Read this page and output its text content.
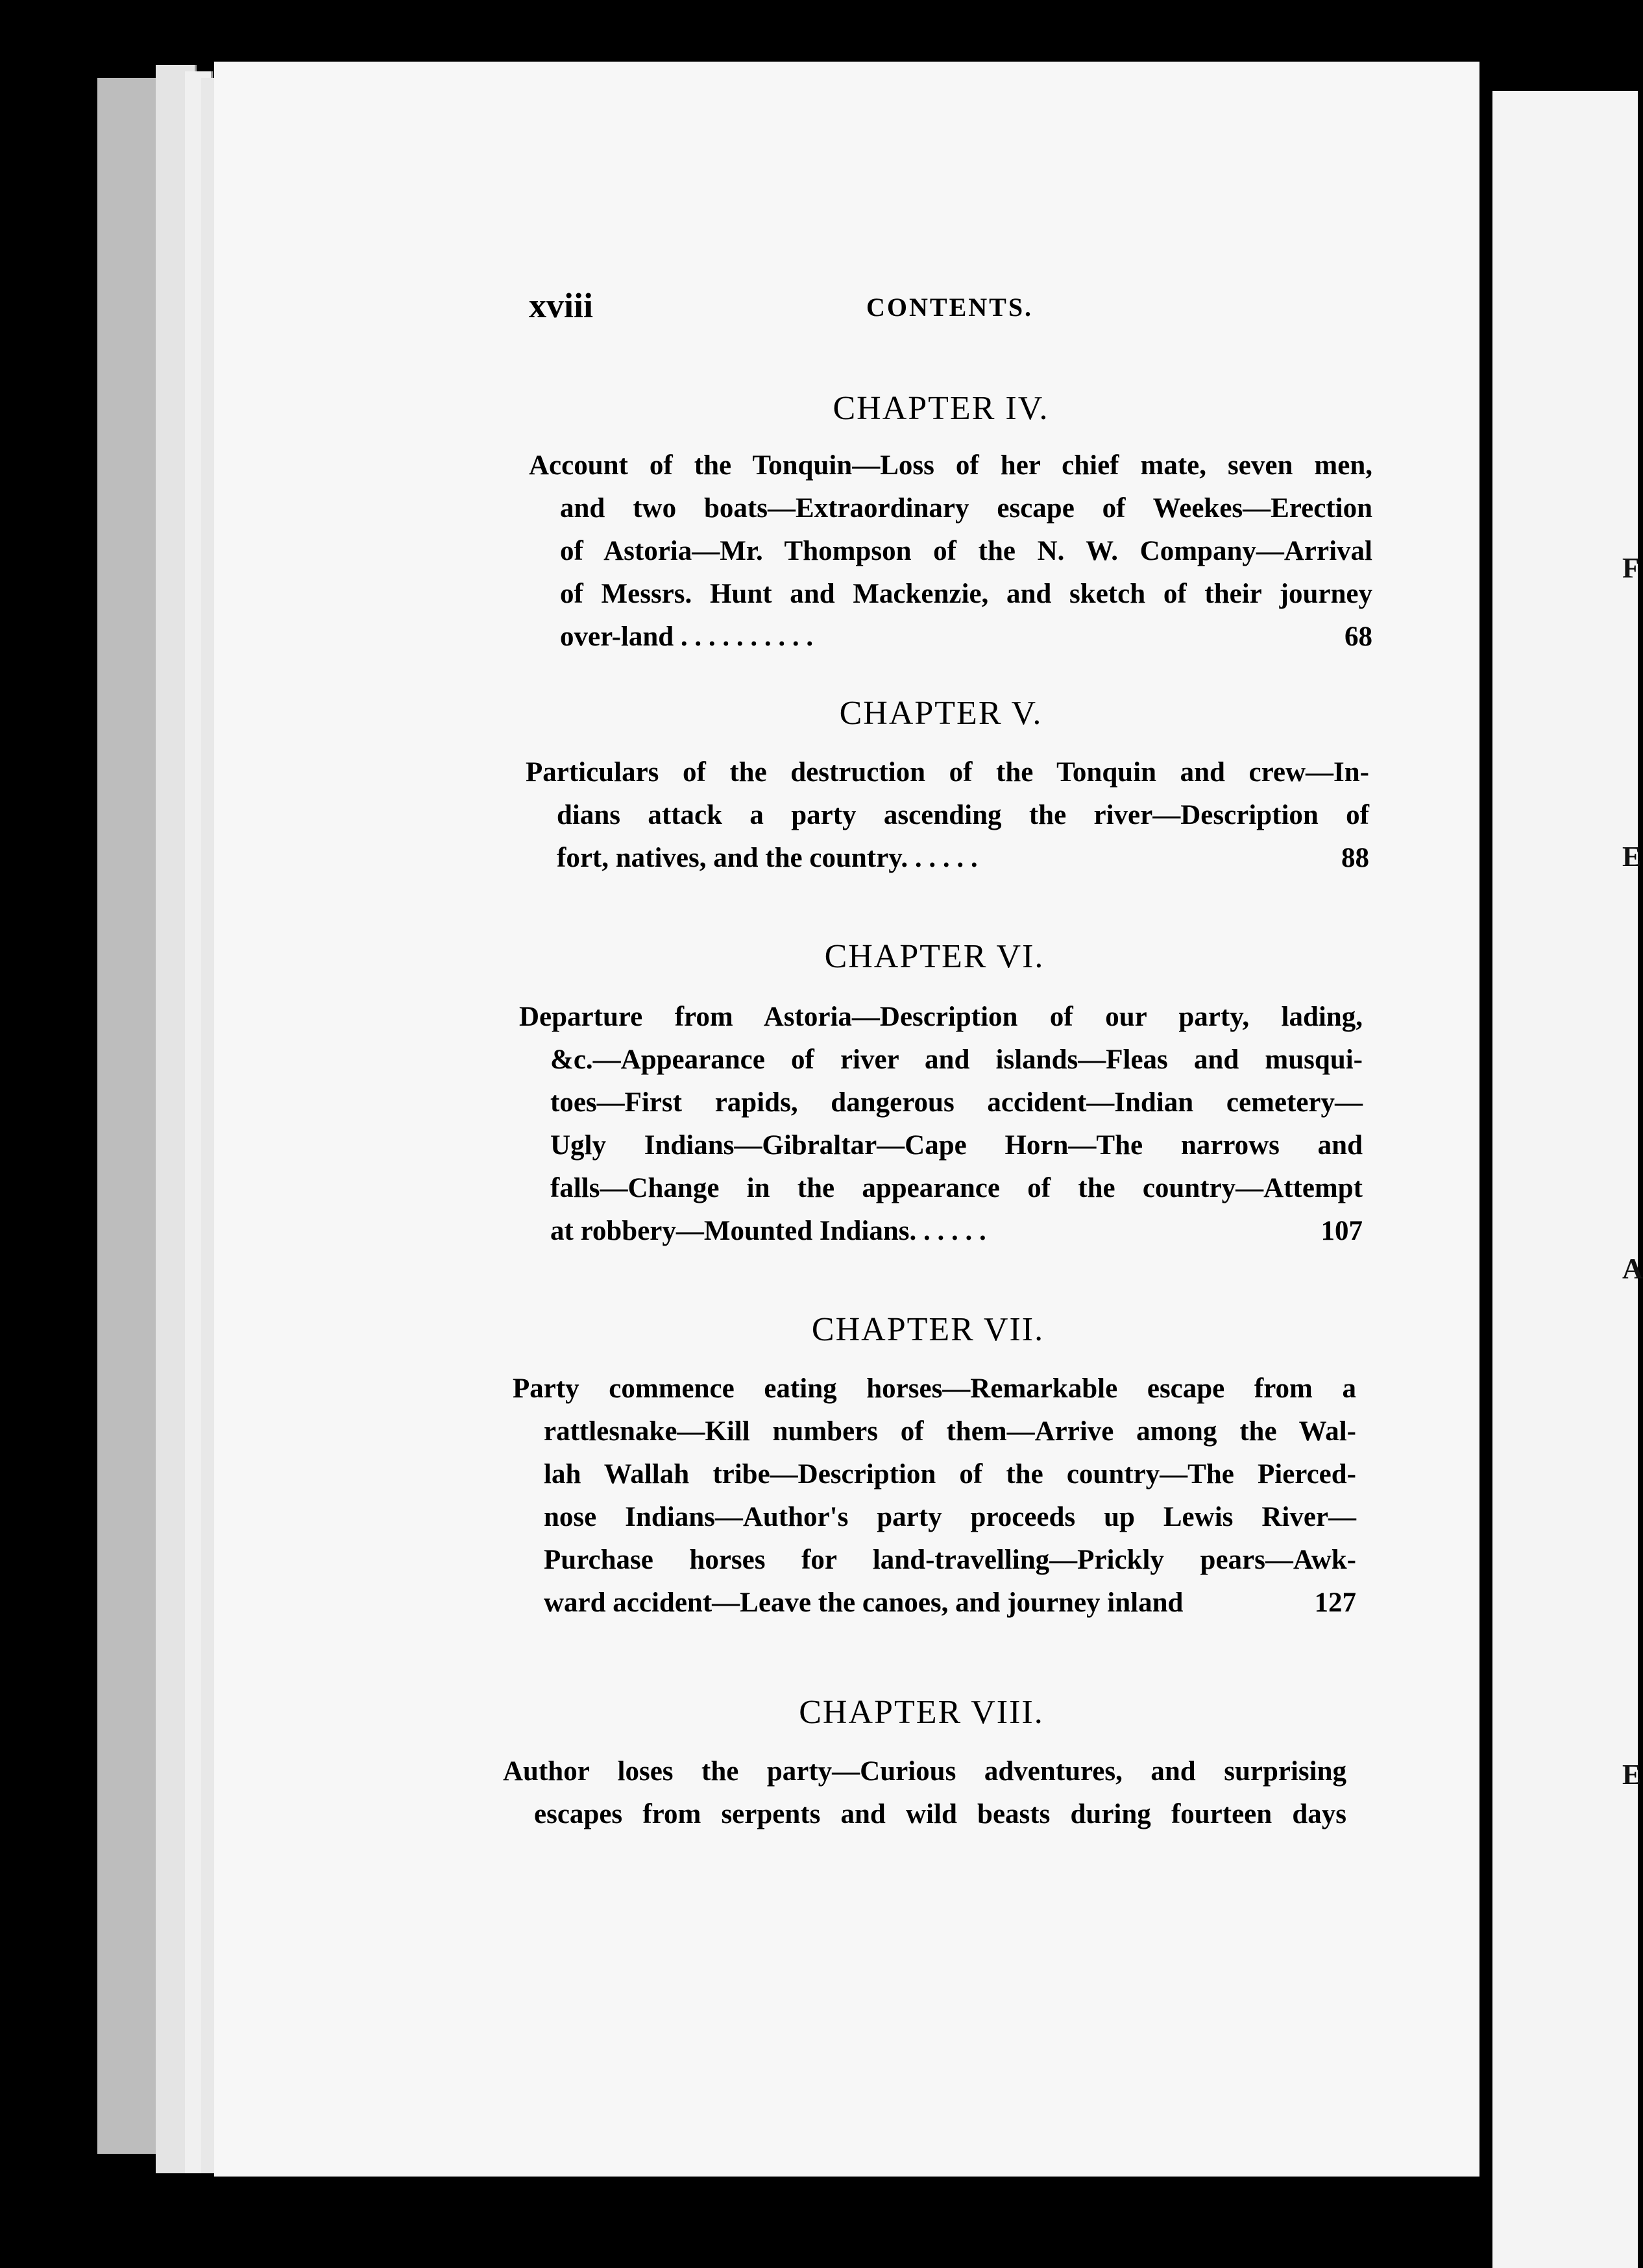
F
E
A
E
xviii	CONTENTS.
CHAPTER IV.
Account of the Tonquin—Loss of her chief mate, seven men,
and two boats—Extraordinary escape of Weekes—Erection
of Astoria—Mr. Thompson of the N. W. Company—Arrival
of Messrs. Hunt and Mackenzie, and sketch of their journey
over-land . . . . . . . . . .	68
CHAPTER V.
Particulars of the destruction of the Tonquin and crew—In-
dians attack a party ascending the river—Description of
fort, natives, and the country. . . . . .	88
CHAPTER VI.
Departure from Astoria—Description of our party, lading,
&c.—Appearance of river and islands—Fleas and musqui-
toes—First rapids, dangerous accident—Indian cemetery—
Ugly Indians—Gibraltar—Cape Horn—The narrows and
falls—Change in the appearance of the country—Attempt
at robbery—Mounted Indians. . . . . .	107
CHAPTER VII.
Party commence eating horses—Remarkable escape from a
rattlesnake—Kill numbers of them—Arrive among the Wal-
lah Wallah tribe—Description of the country—The Pierced-
nose Indians—Author's party proceeds up Lewis River—
Purchase horses for land-travelling—Prickly pears—Awk-
ward accident—Leave the canoes, and journey inland	127
CHAPTER VIII.
Author loses the party—Curious adventures, and surprising
escapes from serpents and wild beasts during fourteen days
